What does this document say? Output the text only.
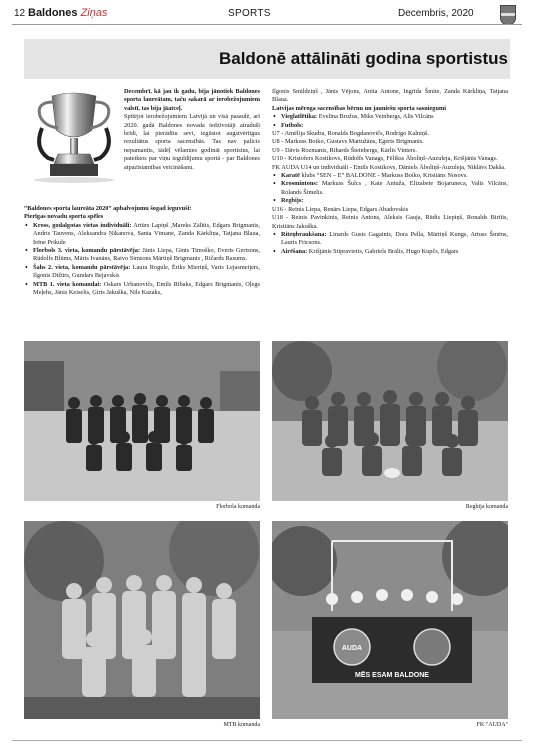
12 Baldones Ziņas	SPORTS	Decembris, 2020
Baldonē attālināti godina sportistus

Decembrī, kā jau ik gadu, bija jānotiek Baldones sporta laureātam, taču sakarā ar ierobežojumiem valstī, tas bija jāatceļ.

Spītējot ierobežojumiem Latvijā un visā pasaulē, arī 2020. gadā Baldones novada iedzīvotāji atradušī brīdi, lai pierādītu sevi, iegūstot augstvērtīgus rezultātus sporta sacensībās. Tas nav palicis nepamanīts, tādēļ vēlamies godināt sportistus, lai pateiktos par viņu ieguldījumu sportā - par Baldones atpazīstamības veicināšanu.

“Baldones sporta laureāta 2020” apbalvojumu šogad ieguvuši:

Pierīgas novadu sporta spēles

• Kross, godalgotas vietas individuāli: Artūrs Lapiņš ,Mareks Zālītis, Edgars Brigmanis, Andris Tauvens, Aleksandra Ņikanova, Santa Vīmane, Zanda Kārkliņa, Tatjana Blaua, Irēne Prikule
• Florbols 3. vieta, komandu pārstāvēja: Jānis Liepa, Gints Timoško, Everts Gertsons, Rūdolfs Blūms, Māris Ivanāns, Raivo Simsons Mārtiņš Brigmanis , Ričards Rasums.
• Šahs 2. vieta, komandu pārstāvēja: Laura Rogule, Ēriks Mieriņš, Varis Lejasmeijers, Ilgonis Dižūrs, Gundars Bejavskis
• MTB 1. vieta komandai: Oskars Urbanovičs, Emīls Ribaks, Edgars Brigmanis, Oļegs Meļehs, Jānis Keiselis, Ģirts Jakuška, Nils Kazaks,

Ilgonis Smildziņš , Jānis Vējons, Anita Antone, Ingrīda Šmite, Zanda Kārkliņa, Tatjana Blaua.

Latvijas mēroga sacensības bērnu un jauniešu sporta sasniegumi

• Vieglatlētika: Evelīna Bružus, Miks Veinbergs, Alīs Vilcāns
• Futbols:

U7 - Amēlija Skudra, Ronalds Bogdanovičs, Rodrigo Kalniņš.

U8 - Markuss Boiko, Gustavs Martužāns, Egerts Brigmanis.

U9 - Dāvis Rozmanis, Rihards Šteinbergs, Kārlis Vinters.

U10 - Kristofers Kostikovs, Rūdolfs Vanags, Fēlikss Āboliņš-Auzuleja, Krišjānis Vanags.

FK AUDA U14 un individuāli - Emīls Kostikovs, Dāniels Āboliņš-Auzuleja, Niklāvs Dakša.

• Karatē klubs “SEN – E” BALDONE - Markuss Boiko, Kristiāns Nosovs.
• Krosmintons: Markuss Šulcs , Kate Antuža, Elizabete Bojaruneca, Valts Vilcāns, Rolands Šimelis.
• Regbijs:

U16 - Reinis Liepa, Renārs Liepa, Edgars Abadovskis

U18 - Reinis Pavinkinis, Reinis Antons, Aleksis Gauja, Rūdis Liepiņš, Ronalds Birītis, Kristiāns Jakuška.

• Riteņbraukšana: Linards Gusts Gagainis, Dora Pella, Mārtiņš Kungs, Artuss Šmēns, Lauris Fricsons.
• Airēšana: Krišjānis Stipravietis, Gabriels Brālis, Hugo Kupčs, Edgars
Florbola komanda	Regbija komanda
MTB komanda
AUDA
MĒS ESAM BALDONE
FK "AUDA"
